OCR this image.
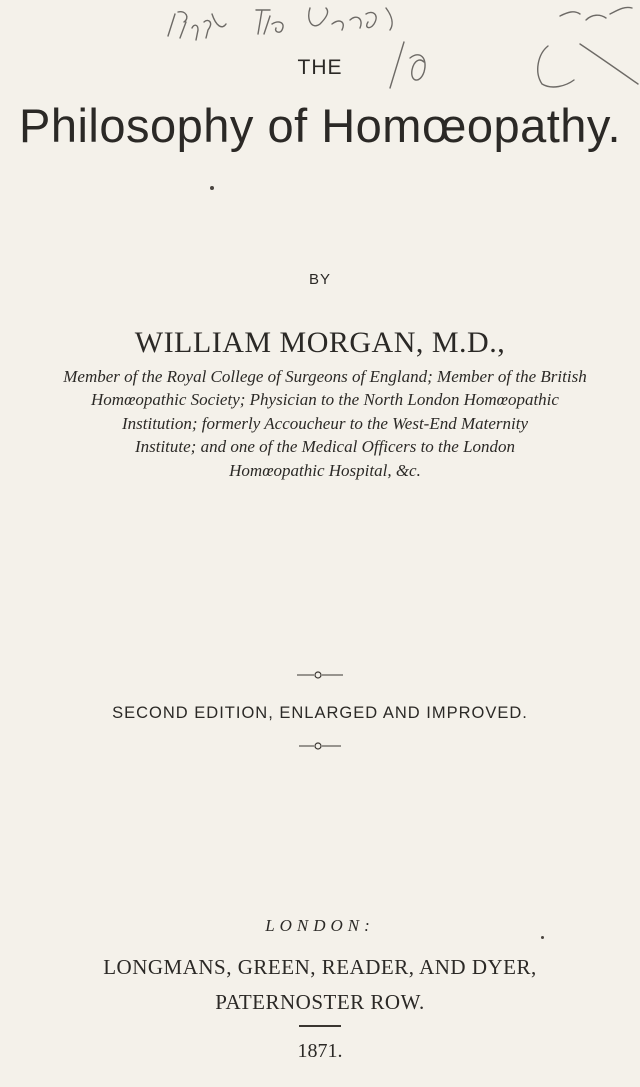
THE
Philosophy of Homœopathy.
BY
WILLIAM MORGAN, M.D.,
Member of the Royal College of Surgeons of England; Member of the British
Homœopathic Society; Physician to the North London Homœopathic
Institution; formerly Accoucheur to the West-End Maternity
Institute; and one of the Medical Officers to the London
Homœopathic Hospital, &c.
SECOND EDITION, ENLARGED AND IMPROVED.
LONDON:
LONGMANS, GREEN, READER, AND DYER,
PATERNOSTER ROW.
1871.
